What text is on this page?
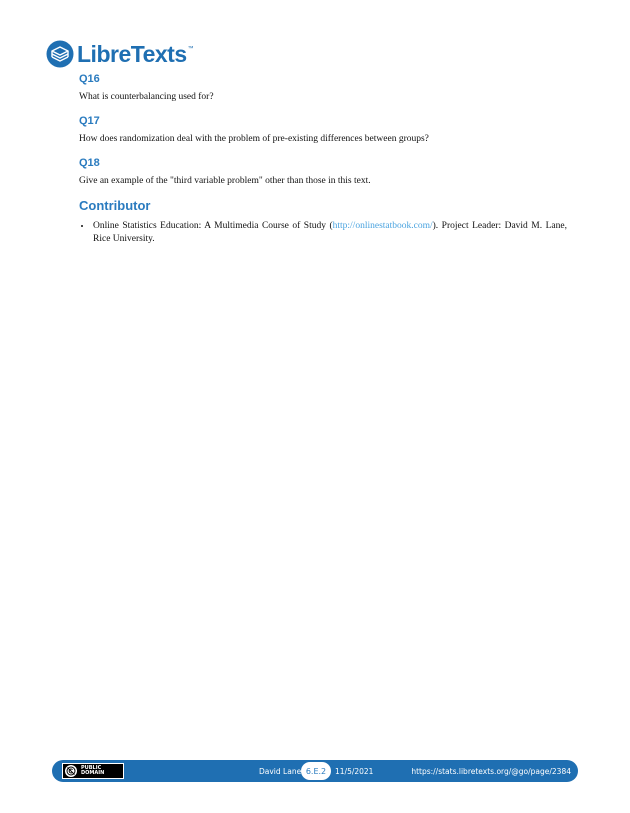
LibreTexts ™
Q16

What is counterbalancing used for?

Q17

How does randomization deal with the problem of pre-existing differences between groups?

Q18

Give an example of the "third variable problem" other than those in this text.

Contributor
• Online Statistics Education: A Multimedia Course of Study (http://onlinestatbook.com/). Project Leader: David M. Lane, Rice University.
PUBLIC
DOMAIN	David Lane 6.E.2	11/5/2021	https://stats.libretexts.org/@go/page/2384
